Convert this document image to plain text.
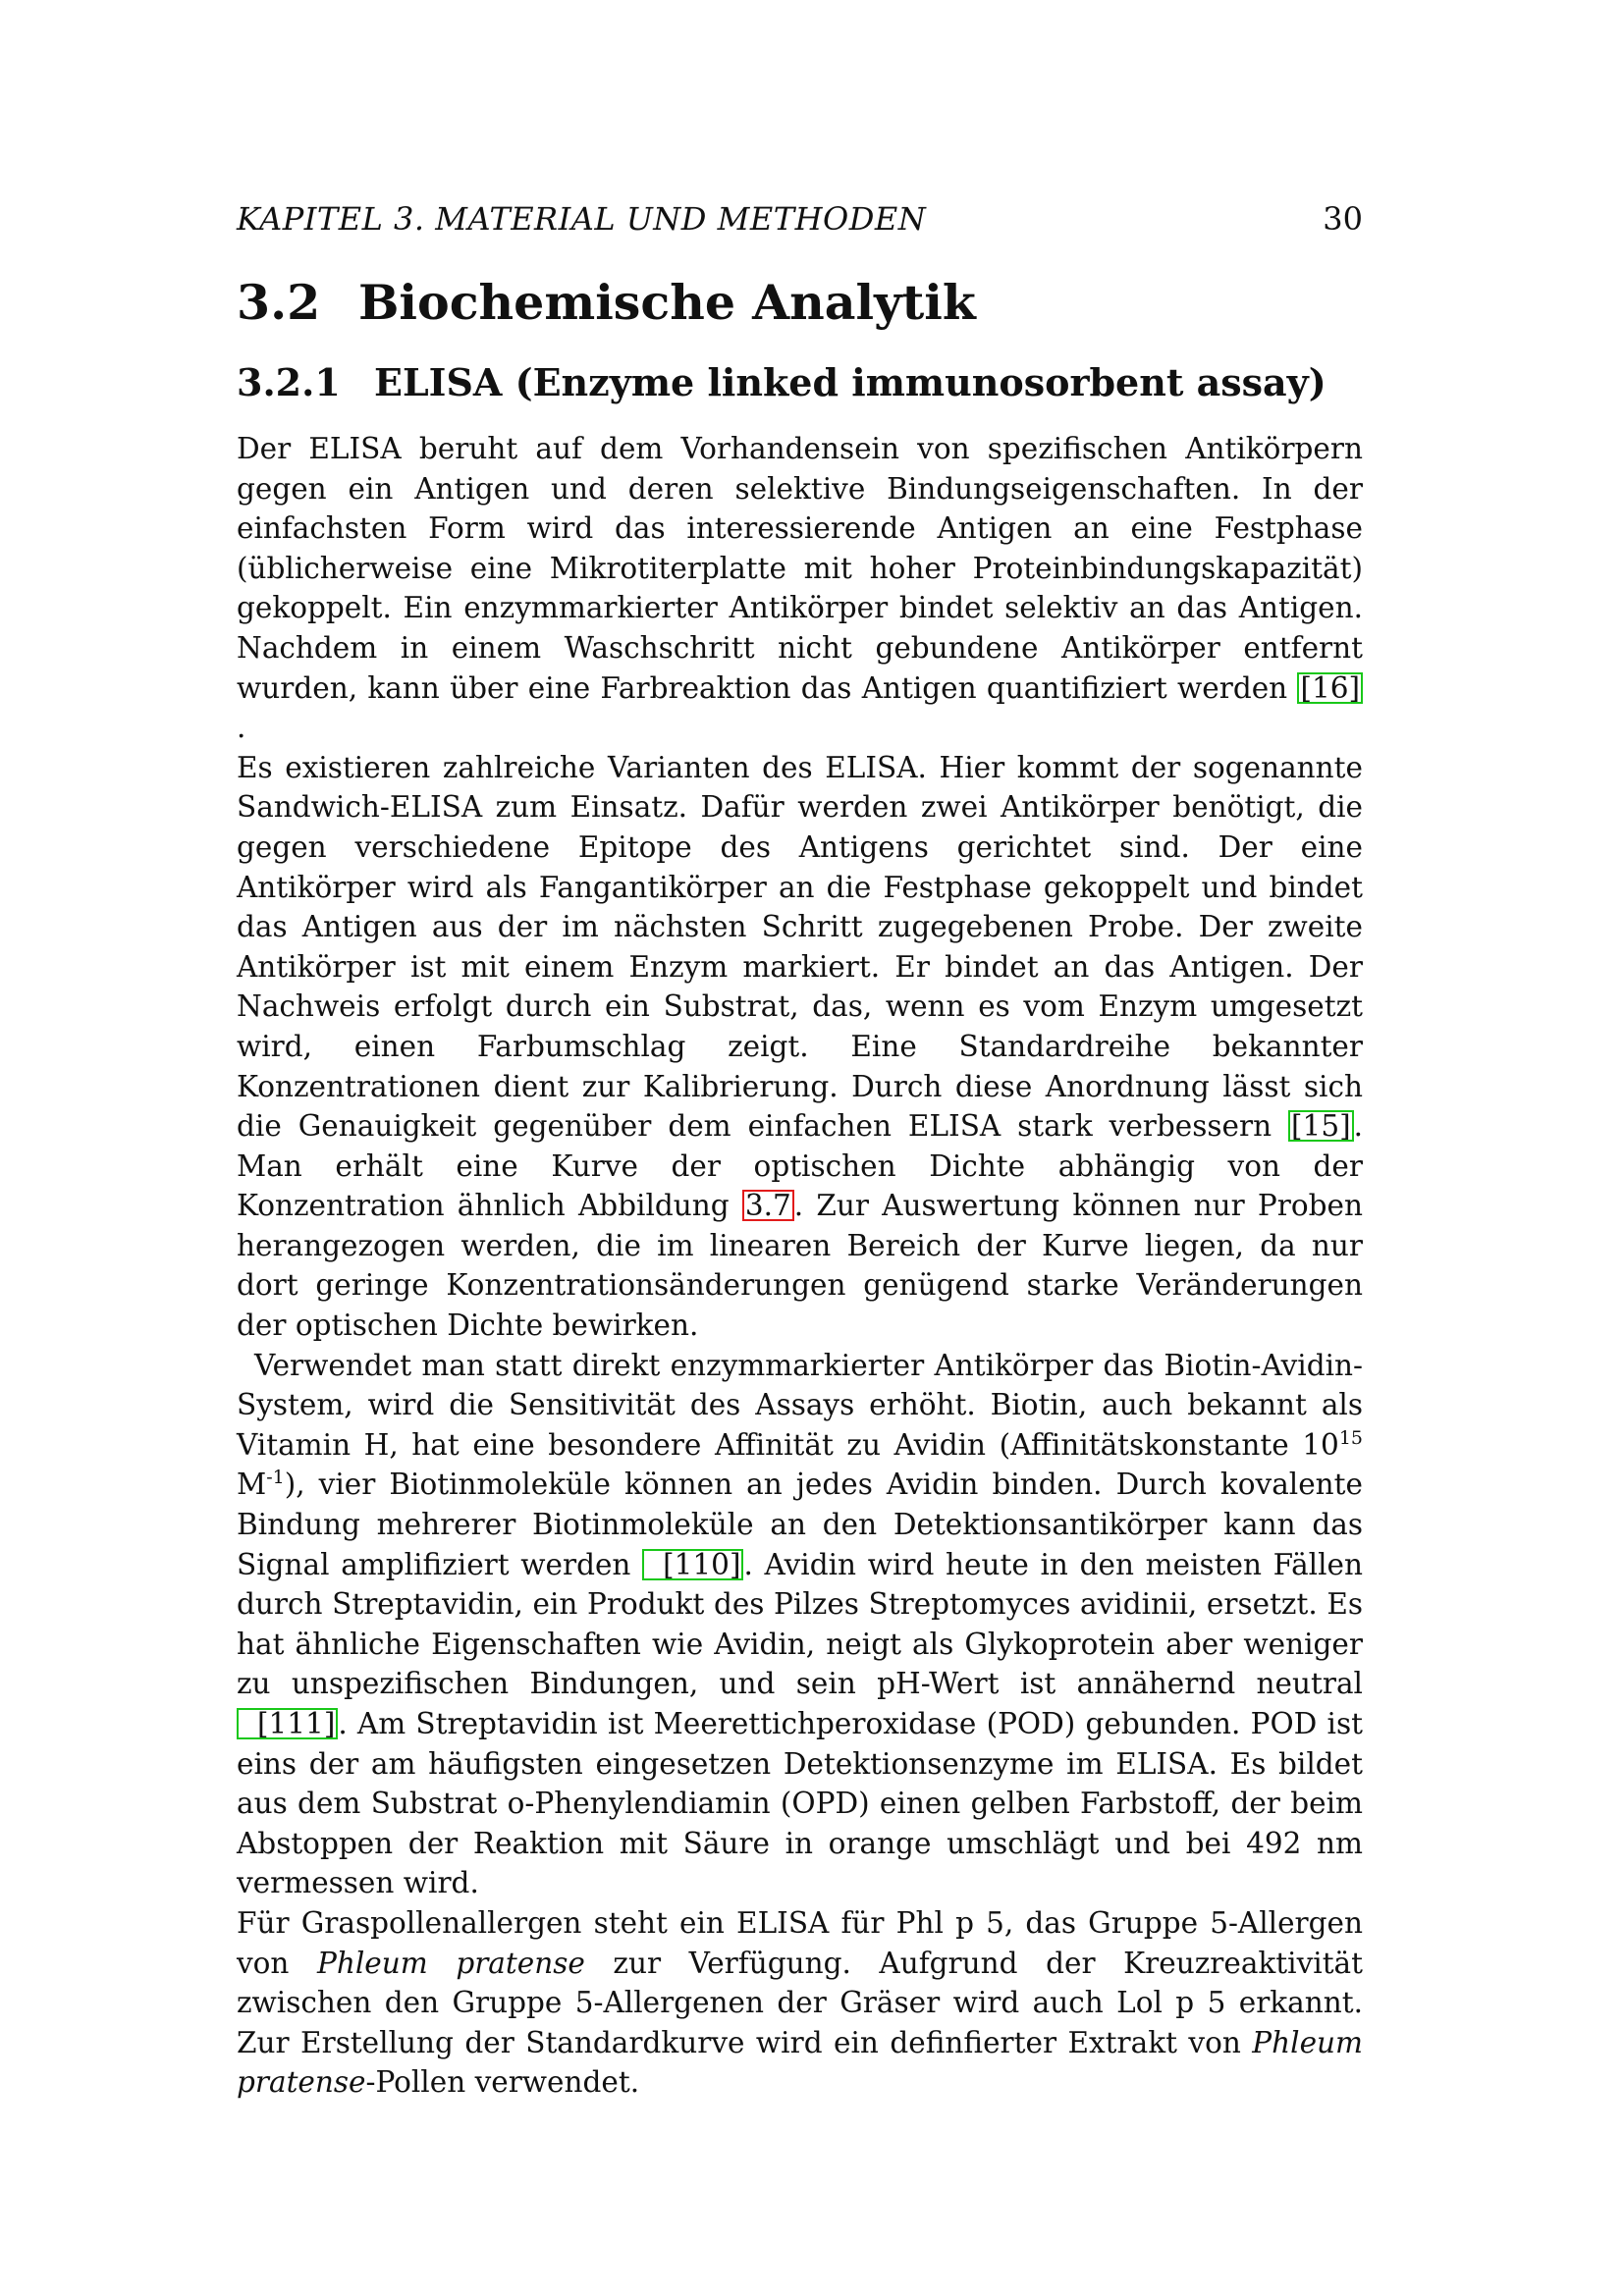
KAPITEL 3. MATERIAL UND METHODEN	30
3.2 Biochemische Analytik
3.2.1 ELISA (Enzyme linked immunosorbent assay)

Der ELISA beruht auf dem Vorhandensein von spezifischen Antikörpern gegen ein Antigen und deren selektive Bindungseigenschaften. In der einfachsten Form wird das interessierende Antigen an eine Festphase (üblicherweise eine Mikrotiterplatte mit hoher Proteinbindungskapazität) gekoppelt. Ein enzymmarkierter Antikörper bindet selektiv an das Antigen. Nachdem in einem Waschschritt nicht gebundene Antikörper entfernt wurden, kann über eine Farbreaktion das Antigen quantifiziert werden [16].

Es existieren zahlreiche Varianten des ELISA. Hier kommt der sogenannte Sandwich-ELISA zum Einsatz. Dafür werden zwei Antikörper benötigt, die gegen verschiedene Epitope des Antigens gerichtet sind. Der eine Antikörper wird als Fangantikörper an die Festphase gekoppelt und bindet das Antigen aus der im nächsten Schritt zugegebenen Probe. Der zweite Antikörper ist mit einem Enzym markiert. Er bindet an das Antigen. Der Nachweis erfolgt durch ein Substrat, das, wenn es vom Enzym umgesetzt wird, einen Farbumschlag zeigt. Eine Standardreihe bekannter Konzentrationen dient zur Kalibrierung. Durch diese Anordnung lässt sich die Genauigkeit gegenüber dem einfachen ELISA stark verbessern [15] . Man erhält eine Kurve der optischen Dichte abhängig von der Konzentration ähnlich Abbildung 3.7 . Zur Auswertung können nur Proben herangezogen werden, die im linearen Bereich der Kurve liegen, da nur dort geringe Konzentrationsänderungen genügend starke Veränderungen der optischen Dichte bewirken.

Verwendet man statt direkt enzymmarkierter Antikörper das Biotin-Avidin-System, wird die Sensitivität des Assays erhöht. Biotin, auch bekannt als Vitamin H, hat eine besondere Affinität zu Avidin (Affinitätskonstante $10^{15}$ $M^{-1}$), vier Biotinmoleküle können an jedes Avidin binden. Durch kovalente Bindung mehrerer Biotinmoleküle an den Detektionsantikörper kann das Signal amplifiziert werden [110] . Avidin wird heute in den meisten Fällen durch Streptavidin, ein Produkt des Pilzes Streptomyces avidinii, ersetzt. Es hat ähnliche Eigenschaften wie Avidin, neigt als Glykoprotein aber weniger zu unspezifischen Bindungen, und sein pH-Wert ist annähernd neutral [111] . Am Streptavidin ist Meerettichperoxidase (POD) gebunden. POD ist eins der am häufigsten eingesetzen Detektionsenzyme im ELISA. Es bildet aus dem Substrat o-Phenylendiamin (OPD) einen gelben Farbstoff, der beim Abstoppen der Reaktion mit Säure in orange umschlägt und bei 492 nm vermessen wird.

Für Graspollenallergen steht ein ELISA für Phl p 5, das Gruppe 5-Allergen von Phleum pratense zur Verfügung. Aufgrund der Kreuzreaktivität zwischen den Gruppe 5-Allergenen der Gräser wird auch Lol p 5 erkannt. Zur Erstellung der Standardkurve wird ein definfierter Extrakt von Phleum pratense-Pollen verwendet.
